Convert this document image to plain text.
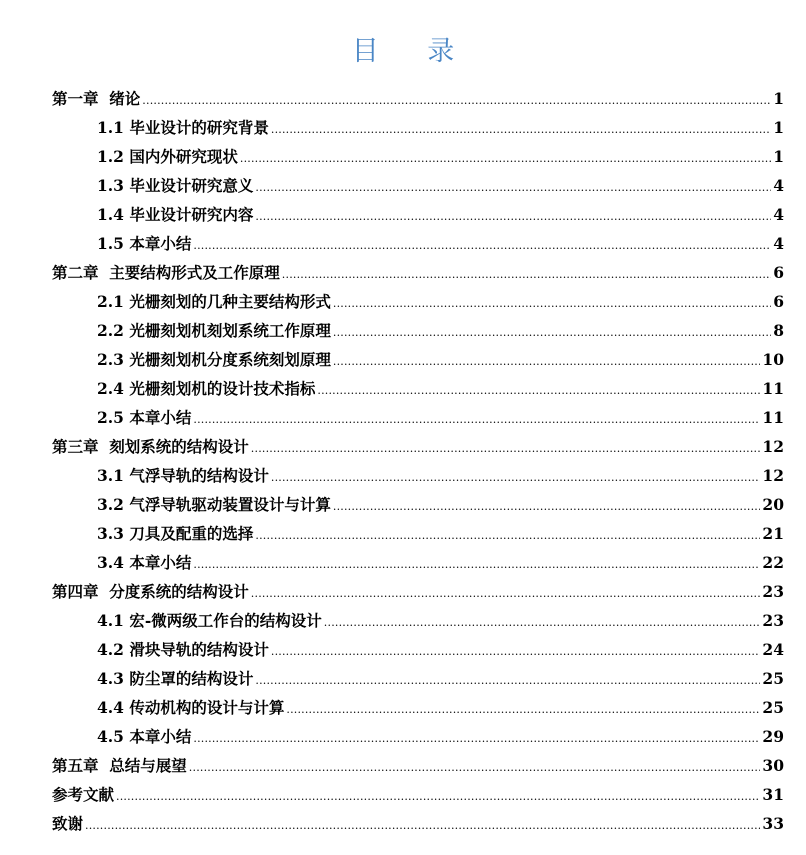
目 录
第一章  绪论 .....	1
1.1 毕业设计的研究背景 .....	1
1.2 国内外研究现状 .....	1
1.3 毕业设计研究意义 .....	4
1.4 毕业设计研究内容 .....	4
1.5 本章小结 .....	4
第二章  主要结构形式及工作原理 .....	6
2.1 光栅刻划的几种主要结构形式 .....	6
2.2 光栅刻划机刻划系统工作原理 .....	8
2.3 光栅刻划机分度系统刻划原理 .....	10
2.4 光栅刻划机的设计技术指标 .....	11
2.5 本章小结 .....	11
第三章  刻划系统的结构设计 .....	12
3.1 气浮导轨的结构设计 .....	12
3.2 气浮导轨驱动装置设计与计算 .....	20
3.3 刀具及配重的选择 .....	21
3.4 本章小结 .....	22
第四章  分度系统的结构设计 .....	23
4.1 宏-微两级工作台的结构设计 .....	23
4.2 滑块导轨的结构设计 .....	24
4.3 防尘罩的结构设计 .....	25
4.4 传动机构的设计与计算 .....	25
4.5 本章小结 .....	29
第五章  总结与展望 .....	30
参考文献 .....	31
致谢 .....	33
